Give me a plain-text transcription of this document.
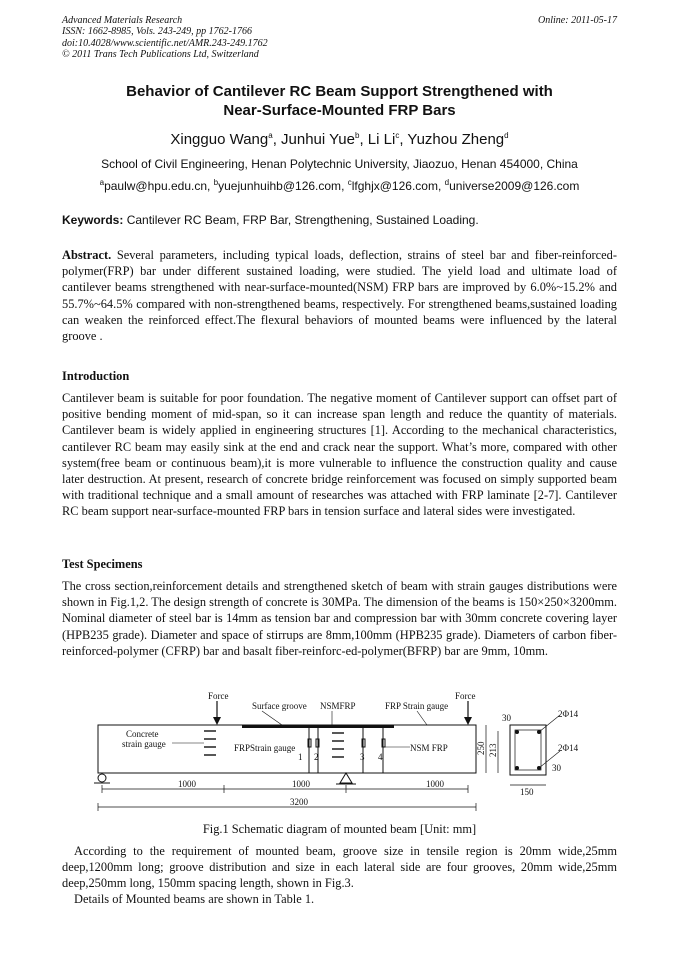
Advanced Materials Research
ISSN: 1662-8985, Vols. 243-249, pp 1762-1766
doi:10.4028/www.scientific.net/AMR.243-249.1762
© 2011 Trans Tech Publications Ltd, Switzerland
Online: 2011-05-17
Behavior of Cantilever RC Beam Support Strengthened with
Near-Surface-Mounted FRP Bars
Xingguo Wang$^a$, Junhui Yue$^b$, Li Li$^c$, Yuzhou Zheng$^d$
School of Civil Engineering, Henan Polytechnic University, Jiaozuo, Henan 454000, China
$^a$paulw@hpu.edu.cn, $^b$yuejunhuihb@126.com, $^c$lfghjx@126.com, $^d$universe2009@126.com
Keywords: Cantilever RC Beam, FRP Bar, Strengthening, Sustained Loading.
Abstract. Several parameters, including typical loads, deflection, strains of steel bar and fiber-reinforced-polymer(FRP) bar under different sustained loading, were studied. The yield load and ultimate load of cantilever beams strengthened with near-surface-mounted(NSM) FRP bars are improved by 6.0%~15.2% and 55.7%~64.5% compared with non-strengthened beams, respectively. For strengthened beams,sustained loading can weaken the reinforced effect.The flexural behaviors of mounted beams were influenced by the lateral groove .
Introduction
Cantilever beam is suitable for poor foundation. The negative moment of Cantilever support can offset part of positive bending moment of mid-span, so it can increase span length and reduce the quantity of materials. Cantilever beam is widely applied in engineering structures [1]. According to the mechanical characteristics, cantilever RC beam may easily sink at the end and crack near the support. What’s more, compared with other system(free beam or continuous beam),it is more vulnerable to influence the construction quality and cause later destruction. At present, research of concrete bridge reinforcement was focused on simply supported beam with traditional technique and a small amount of researches was attached with FRP laminate [2-7]. Cantilever RC beam support near-surface-mounted FRP bars in tension surface and lateral sides were investigated.
Test Specimens
The cross section,reinforcement details and strengthened sketch of beam with strain gauges distributions were shown in Fig.1,2. The design strength of concrete is 30MPa. The dimension of the beams is 150×250×3200mm. Nominal diameter of steel bar is 14mm as tension bar and compression bar with 30mm concrete covering layer (HPB235 grade). Diameter and space of stirrups are 8mm,100mm (HPB235 grade). Diameters of carbon fiber-reinforced-polymer (CFRP) bar and basalt fiber-reinforc-ed-polymer(BFRP) bar are 9mm, 10mm.
Force	Force
Surface groove NSMFRP	FRP Strain gauge
Concrete
strain gauge	FRPStrain gauge	NSM FRP
1 2	3 4
1000	1000	1000
3200
250 213
30
30
2Φ14
2Φ14
150
Fig.1 Schematic diagram of mounted beam [Unit: mm]
According to the requirement of mounted beam, groove size in tensile region is 20mm wide,25mm deep,1200mm long; groove distribution and size in each lateral side are four grooves, 20mm wide,25mm deep,250mm long, 150mm spacing length, shown in Fig.3.
Details of Mounted beams are shown in Table 1.
